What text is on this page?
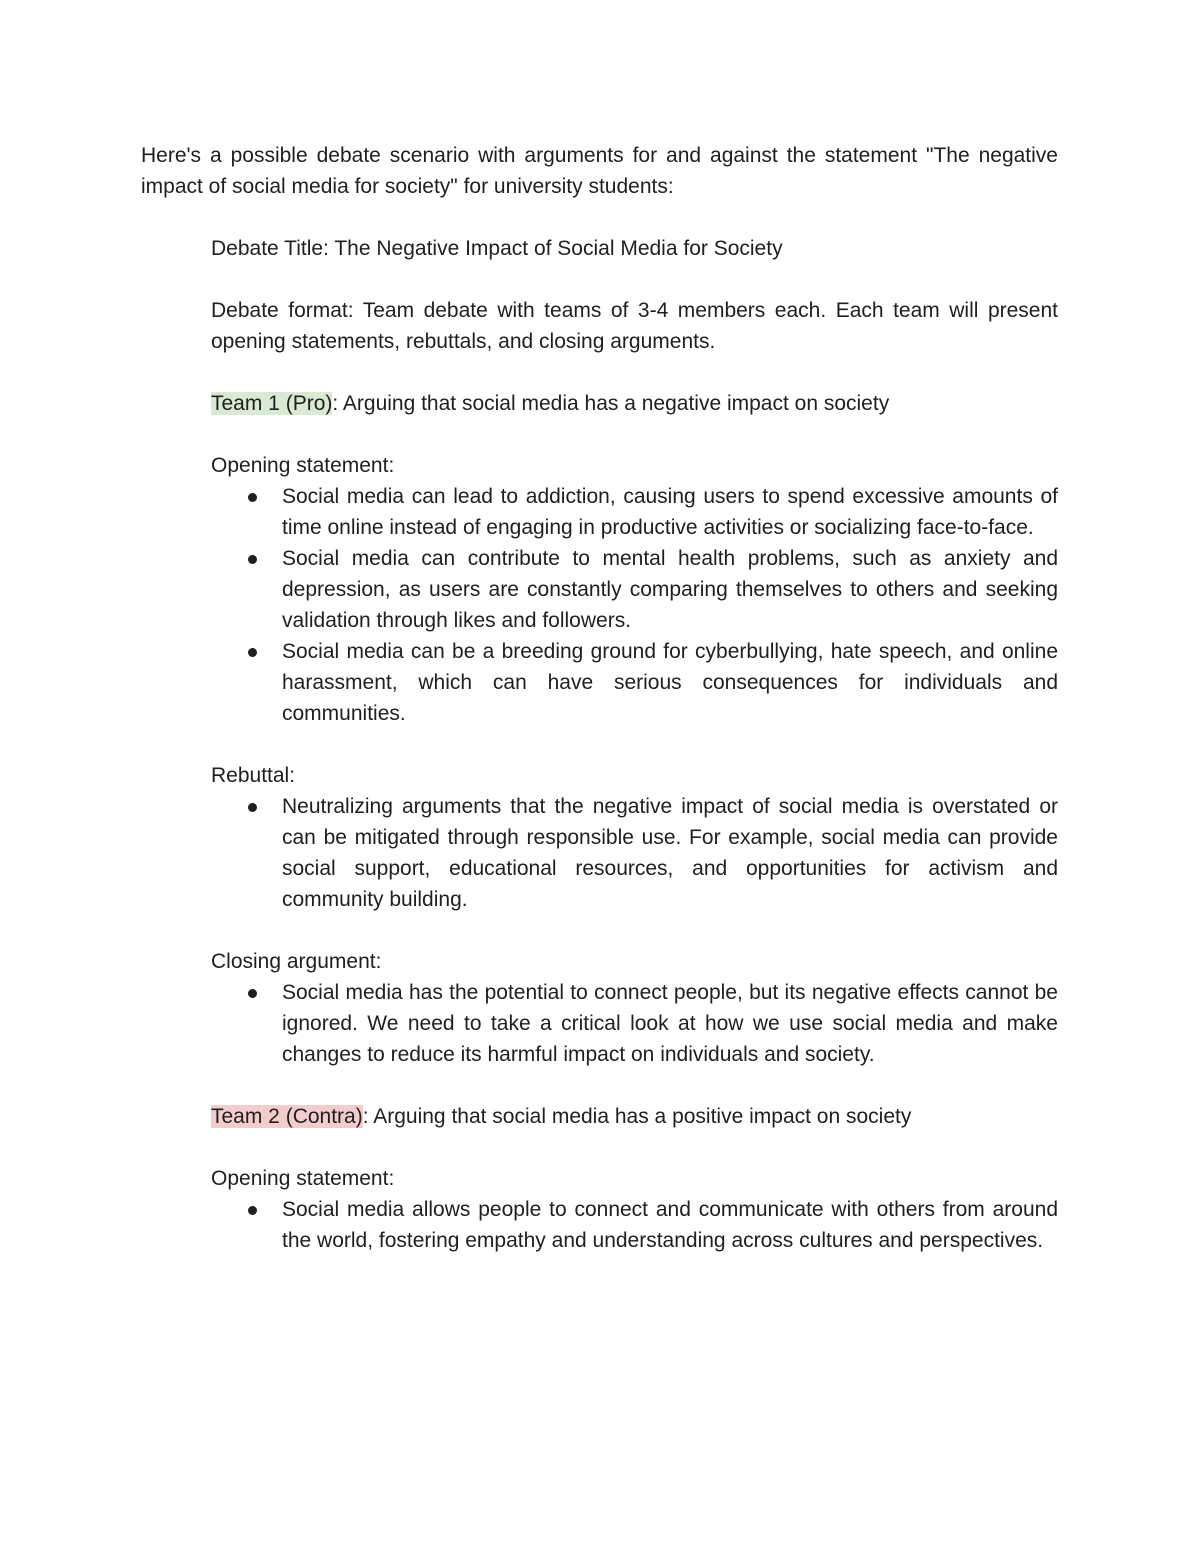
Here's a possible debate scenario with arguments for and against the statement "The negative impact of social media for society" for university students:

Debate Title: The Negative Impact of Social Media for Society

Debate format: Team debate with teams of 3-4 members each. Each team will present opening statements, rebuttals, and closing arguments.

Team 1 (Pro): Arguing that social media has a negative impact on society

Opening statement:

Social media can lead to addiction, causing users to spend excessive amounts of time online instead of engaging in productive activities or socializing face-to-face.
Social media can contribute to mental health problems, such as anxiety and depression, as users are constantly comparing themselves to others and seeking validation through likes and followers.
Social media can be a breeding ground for cyberbullying, hate speech, and online harassment, which can have serious consequences for individuals and communities.

Rebuttal:

Neutralizing arguments that the negative impact of social media is overstated or can be mitigated through responsible use. For example, social media can provide social support, educational resources, and opportunities for activism and community building.

Closing argument:

Social media has the potential to connect people, but its negative effects cannot be ignored. We need to take a critical look at how we use social media and make changes to reduce its harmful impact on individuals and society.

Team 2 (Contra): Arguing that social media has a positive impact on society

Opening statement:

Social media allows people to connect and communicate with others from around the world, fostering empathy and understanding across cultures and perspectives.
